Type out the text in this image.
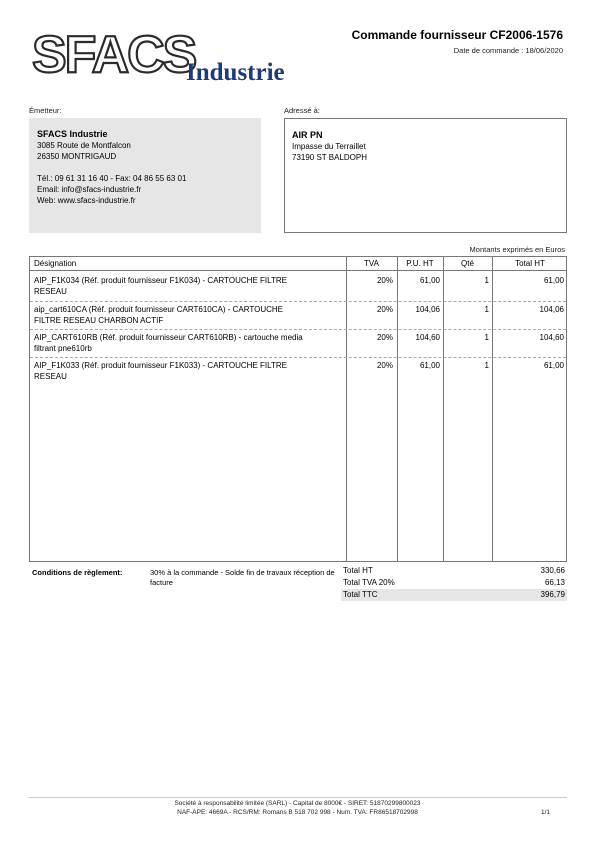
SFACS
Industrie
Commande fournisseur CF2006-1576
Date de commande : 18/06/2020
Émetteur:	Adressé à:
SFACS Industrie
3085 Route de Montfalcon
26350 MONTRIGAUD
Tél.: 09 61 31 16 40 - Fax: 04 86 55 63 01
Email: info@sfacs-industrie.fr
Web: www.sfacs-industrie.fr
AIR PN
Impasse du Terraillet
73190 ST BALDOPH
Montants exprimés en Euros
Désignation	TVA	P.U. HT	Qté	Total HT
AIP_F1K034 (Réf. produit fournisseur F1K034) - CARTOUCHE FILTRE
RESEAU
20%	61,00	1	61,00
aip_cart610CA (Réf. produit fournisseur CART610CA) - CARTOUCHE
FILTRE RESEAU CHARBON ACTIF
20%	104,06	1	104,06
AIP_CART610RB (Réf. produit fournisseur CART610RB) - cartouche media
filtrant pne610rb
20%	104,60	1	104,60
AIP_F1K033 (Réf. produit fournisseur F1K033) - CARTOUCHE FILTRE
RESEAU
20%	61,00	1	61,00
Conditions de règlement:	30% à la commande - Solde fin de travaux réception de
facture
Total HT	330,66
Total TVA 20%	66,13
Total TTC	396,79
Société à responsabilité limitée (SARL) - Capital de 8000€ - SIRET: 51870299800023
NAF-APE: 4669A - RCS/RM: Romans B 518 702 998 - Num. TVA: FR86518702998	1/1
